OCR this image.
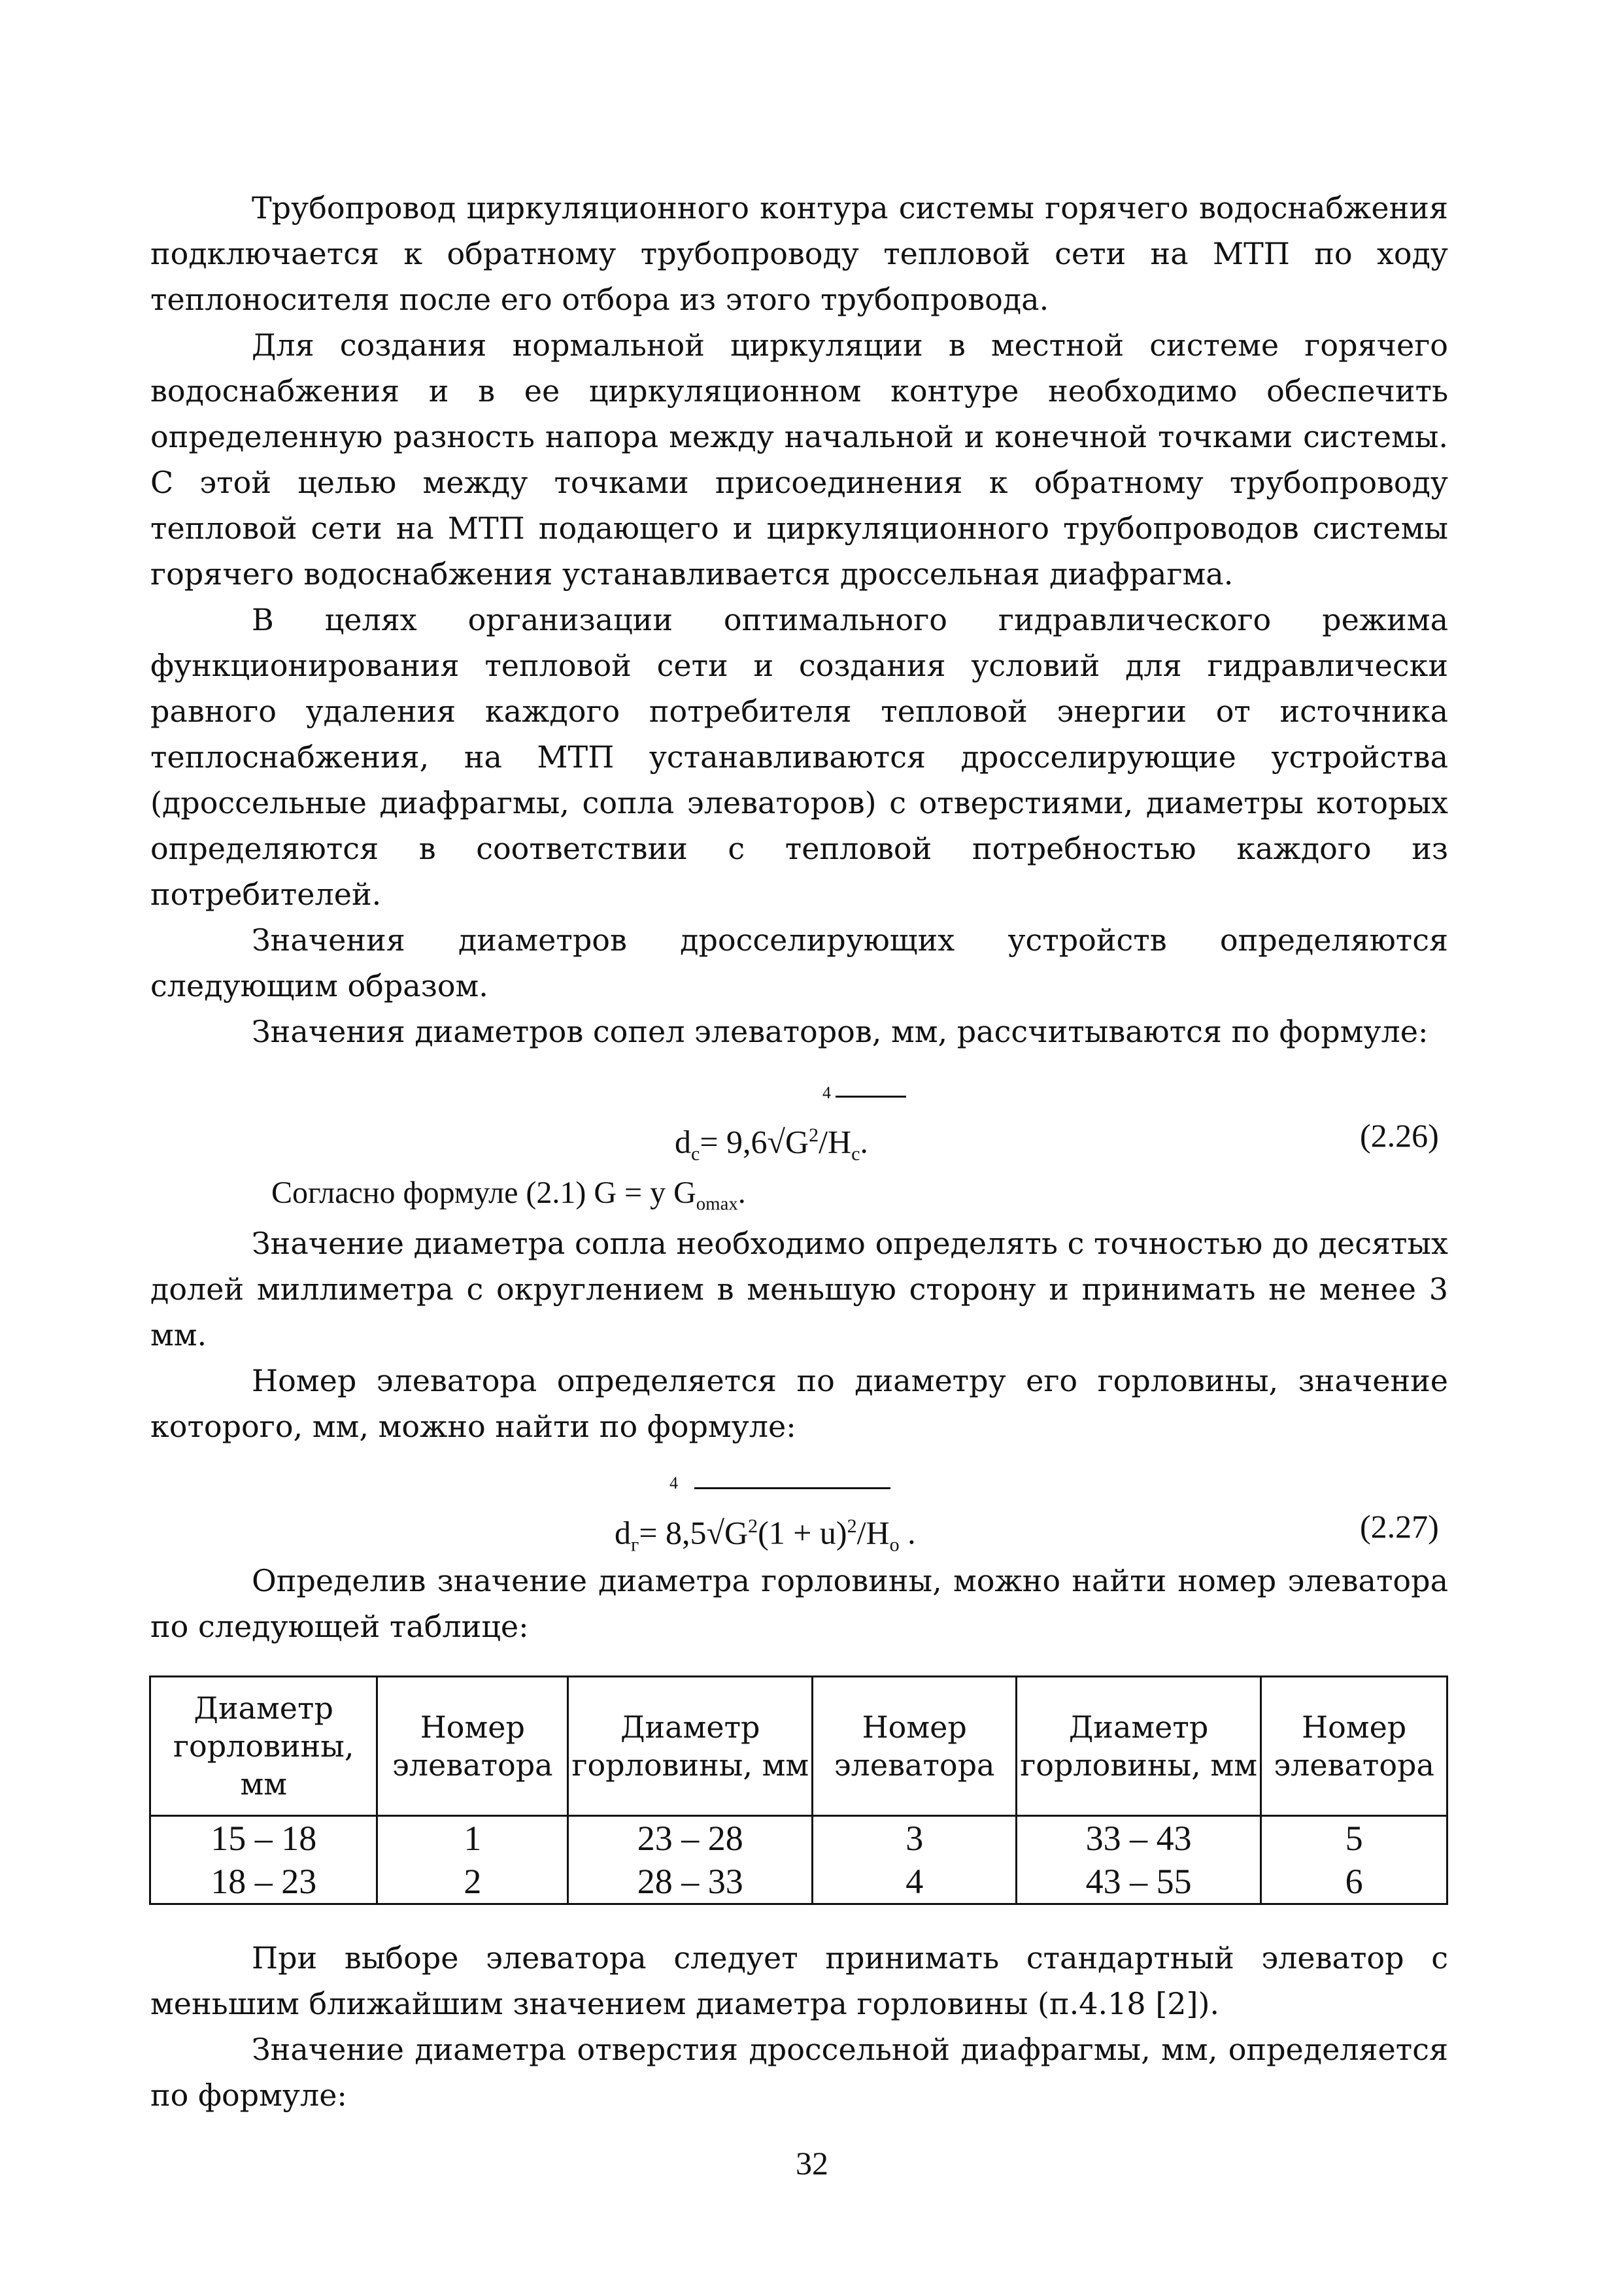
Трубопровод циркуляционного контура системы горячего водоснабжения подключается к обратному трубопроводу тепловой сети на МТП по ходу теплоносителя после его отбора из этого трубопровода.

Для создания нормальной циркуляции в местной системе горячего водоснабжения и в ее циркуляционном контуре необходимо обеспечить определенную разность напора между начальной и конечной точками системы. С этой целью между точками присоединения к обратному трубопроводу тепловой сети на МТП подающего и циркуляционного трубопроводов системы горячего водоснабжения устанавливается дроссельная диафрагма.

В целях организации оптимального гидравлического режима функционирования тепловой сети и создания условий для гидравлически равного удаления каждого потребителя тепловой энергии от источника теплоснабжения, на МТП устанавливаются дросселирующие устройства (дроссельные диафрагмы, сопла элеваторов) с отверстиями, диаметры которых определяются в соответствии с тепловой потребностью каждого из потребителей.

Значения диаметров дросселирующих устройств определяются следующим образом.

Значения диаметров сопел элеваторов, мм, рассчитываются по формуле:

4
$d_c= 9,6√G^2/H_c$.	(2.26)
Согласно формуле (2.1) G = y $G_{omax}$.

Значение диаметра сопла необходимо определять с точностью до десятых долей миллиметра с округлением в меньшую сторону и принимать не менее 3 мм.

Номер элеватора определяется по диаметру его горловины, значение которого, мм, можно найти по формуле:

4
$d_г= 8,5√G^2(1 + u)^2/H_o$ .	(2.27)

Определив значение диаметра горловины, можно найти номер элеватора по следующей таблице:

Диаметр горловины, мм	Номер элеватора	Диаметр горловины, мм	Номер элеватора	Диаметр горловины, мм	Номер элеватора
15 – 18	1	23 – 28	3	33 – 43	5
18 – 23	2	28 – 33	4	43 – 55	6

При выборе элеватора следует принимать стандартный элеватор с меньшим ближайшим значением диаметра горловины (п.4.18 [2]).

Значение диаметра отверстия дроссельной диафрагмы, мм, определяется по формуле:

32
